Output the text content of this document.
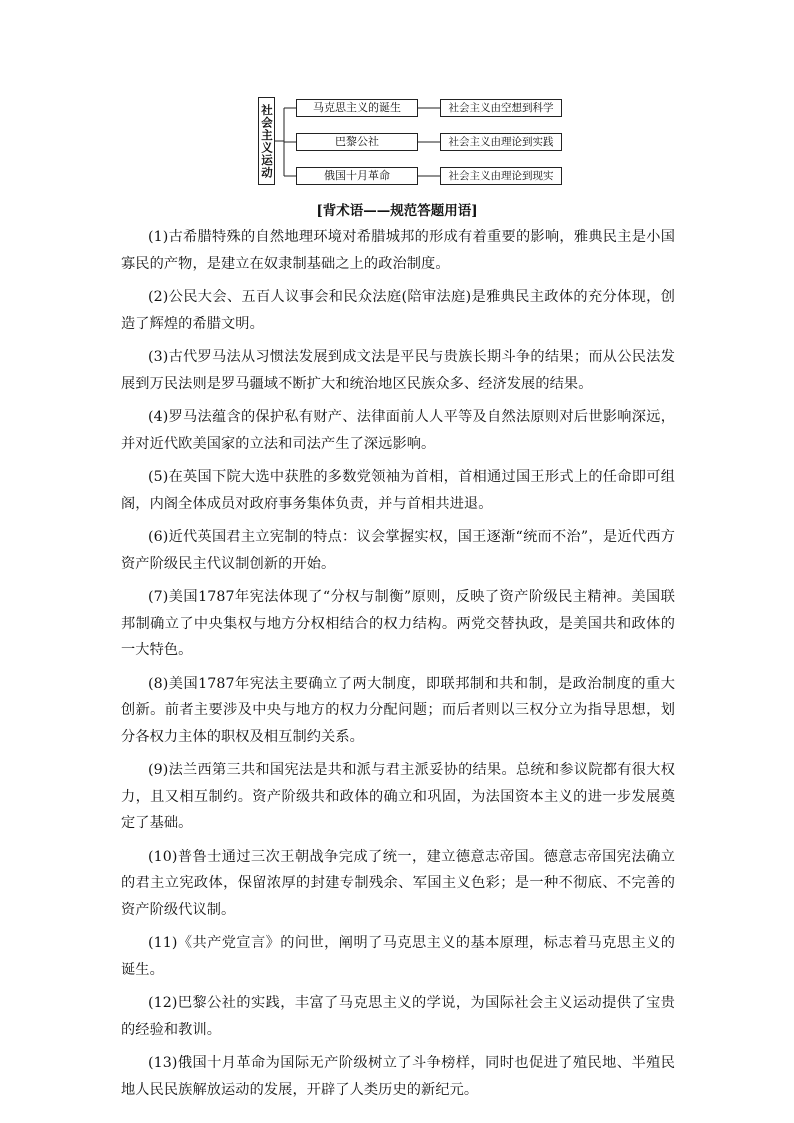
社会主义运动	马克思主义的诞生
巴黎公社
俄国十月革命
社会主义由空想到科学
社会主义由理论到实践
社会主义由理论到现实
[背术语——规范答题用语]

(1)古希腊特殊的自然地理环境对希腊城邦的形成有着重要的影响，雅典民主是小国寡民的产物，是建立在奴隶制基础之上的政治制度。

(2)公民大会、五百人议事会和民众法庭(陪审法庭)是雅典民主政体的充分体现，创造了辉煌的希腊文明。

(3)古代罗马法从习惯法发展到成文法是平民与贵族长期斗争的结果；而从公民法发展到万民法则是罗马疆域不断扩大和统治地区民族众多、经济发展的结果。

(4)罗马法蕴含的保护私有财产、法律面前人人平等及自然法原则对后世影响深远，并对近代欧美国家的立法和司法产生了深远影响。

(5)在英国下院大选中获胜的多数党领袖为首相，首相通过国王形式上的任命即可组阁，内阁全体成员对政府事务集体负责，并与首相共进退。

(6)近代英国君主立宪制的特点：议会掌握实权，国王逐渐“统而不治”，是近代西方资产阶级民主代议制创新的开始。

(7)美国1787年宪法体现了“分权与制衡”原则，反映了资产阶级民主精神。美国联邦制确立了中央集权与地方分权相结合的权力结构。两党交替执政，是美国共和政体的一大特色。

(8)美国1787年宪法主要确立了两大制度，即联邦制和共和制，是政治制度的重大创新。前者主要涉及中央与地方的权力分配问题；而后者则以三权分立为指导思想，划分各权力主体的职权及相互制约关系。

(9)法兰西第三共和国宪法是共和派与君主派妥协的结果。总统和参议院都有很大权力，且又相互制约。资产阶级共和政体的确立和巩固，为法国资本主义的进一步发展奠定了基础。

(10)普鲁士通过三次王朝战争完成了统一，建立德意志帝国。德意志帝国宪法确立的君主立宪政体，保留浓厚的封建专制残余、军国主义色彩；是一种不彻底、不完善的资产阶级代议制。

(11)《共产党宣言》的问世，阐明了马克思主义的基本原理，标志着马克思主义的诞生。

(12)巴黎公社的实践，丰富了马克思主义的学说，为国际社会主义运动提供了宝贵的经验和教训。

(13)俄国十月革命为国际无产阶级树立了斗争榜样，同时也促进了殖民地、半殖民地人民民族解放运动的发展，开辟了人类历史的新纪元。
